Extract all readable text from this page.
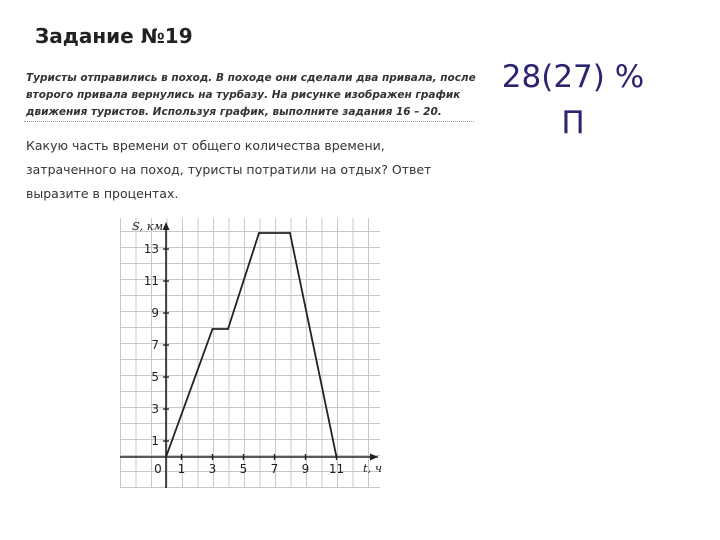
Задание №19
Туристы отправились в поход. В походе они сделали два привала, после второго привала вернулись на турбазу. На рисунке изображен график движения туристов. Используя график, выполните задания 16 – 20.
Какую часть времени от общего количества времени, затраченного на поход, туристы потратили на отдых? Ответ выразите в процентах.
28(27) %
П
1 3 5 7 9 11
1
3
5
7
9
11
13
0
S, км
t, ч
